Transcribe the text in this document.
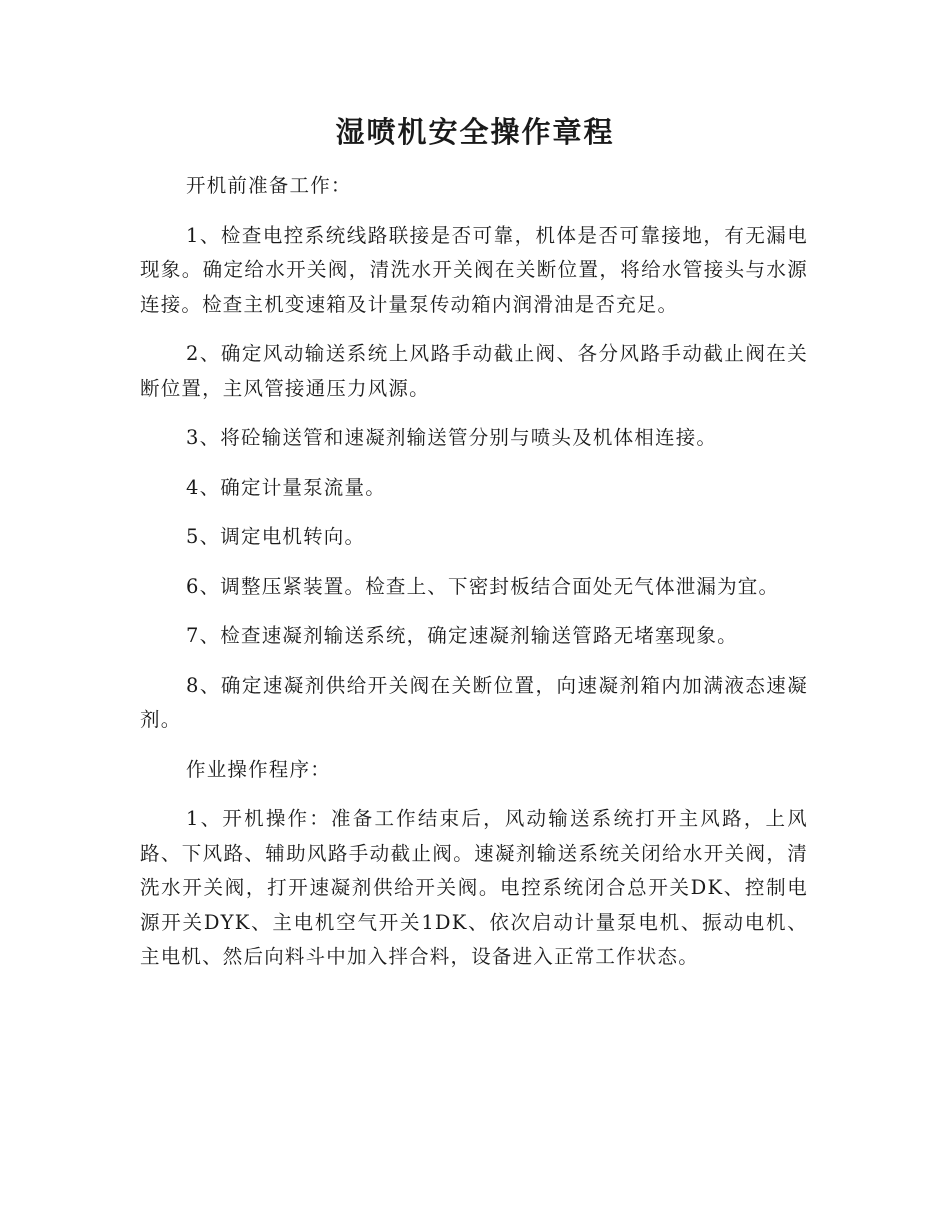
湿喷机安全操作章程

开机前准备工作：

1、检查电控系统线路联接是否可靠，机体是否可靠接地，有无漏电现象。确定给水开关阀，清洗水开关阀在关断位置，将给水管接头与水源连接。检查主机变速箱及计量泵传动箱内润滑油是否充足。

2、确定风动输送系统上风路手动截止阀、各分风路手动截止阀在关断位置，主风管接通压力风源。

3、将砼输送管和速凝剂输送管分别与喷头及机体相连接。

4、确定计量泵流量。

5、调定电机转向。

6、调整压紧装置。检查上、下密封板结合面处无气体泄漏为宜。

7、检查速凝剂输送系统，确定速凝剂输送管路无堵塞现象。

8、确定速凝剂供给开关阀在关断位置，向速凝剂箱内加满液态速凝剂。

作业操作程序：

1、开机操作：准备工作结束后，风动输送系统打开主风路，上风路、下风路、辅助风路手动截止阀。速凝剂输送系统关闭给水开关阀，清洗水开关阀，打开速凝剂供给开关阀。电控系统闭合总开关DK、控制电源开关DYK、主电机空气开关1DK、依次启动计量泵电机、振动电机、主电机、然后向料斗中加入拌合料，设备进入正常工作状态。
